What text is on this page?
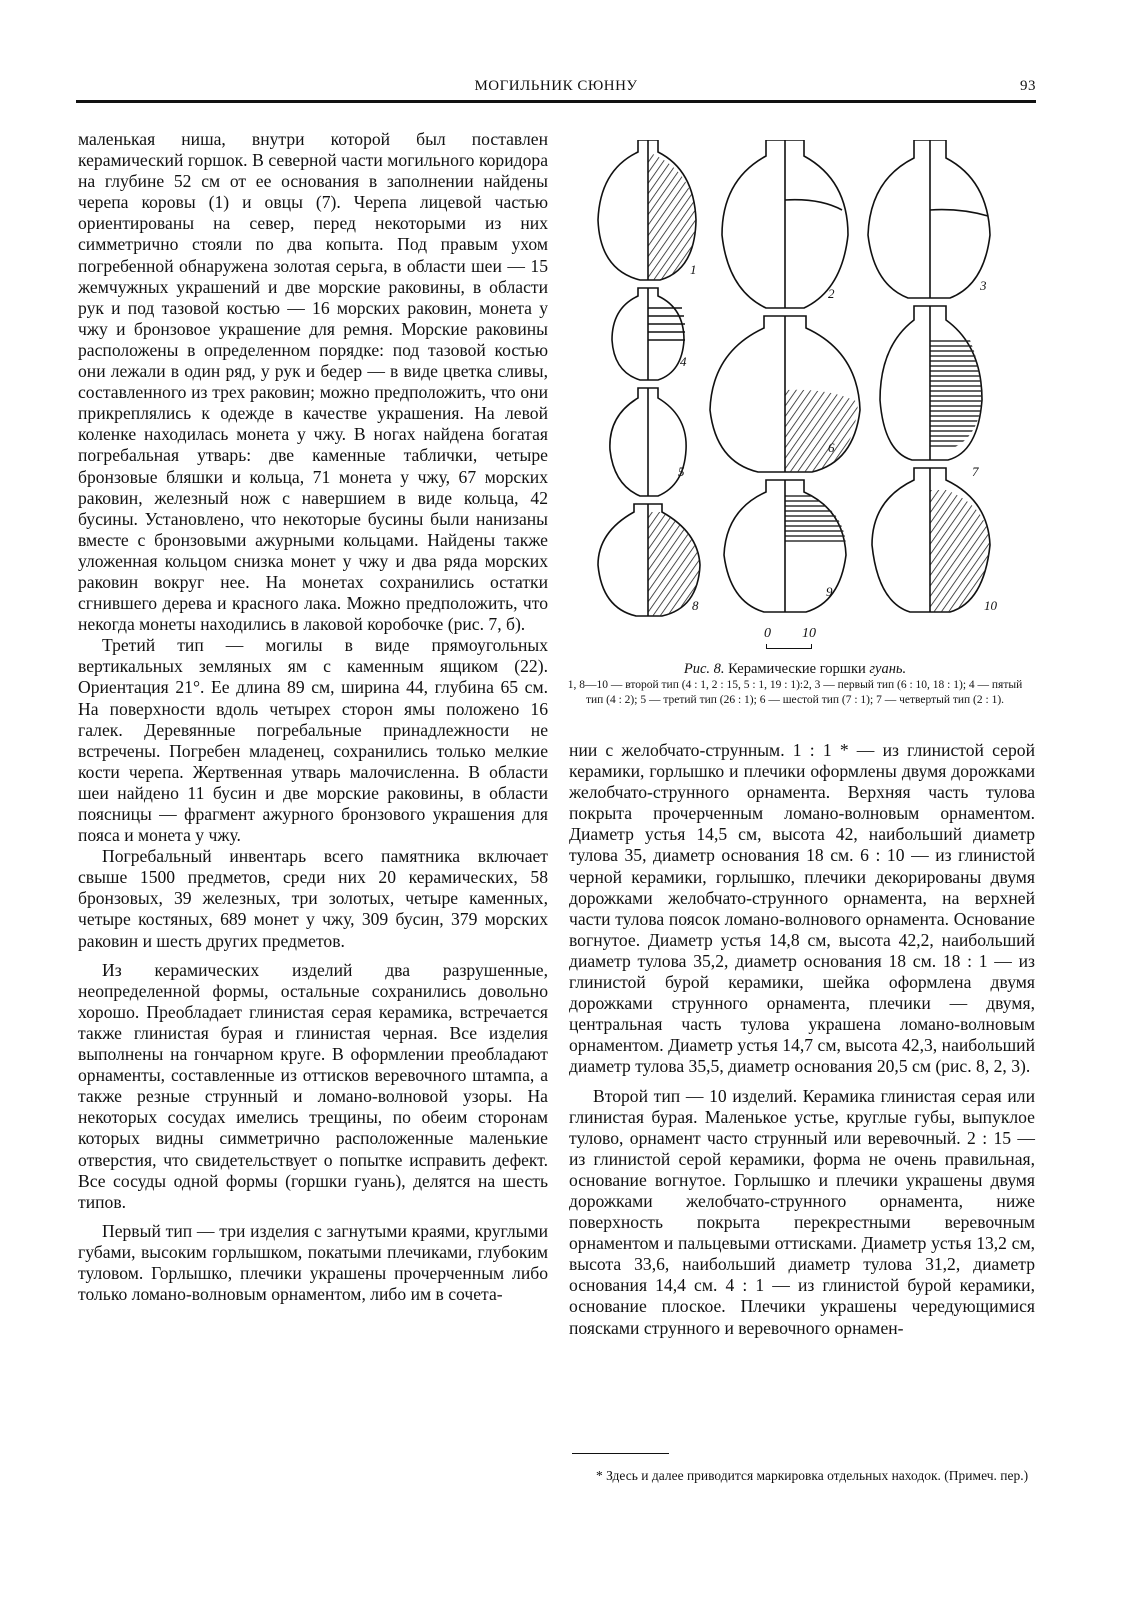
МОГИЛЬНИК СЮННУ	93

маленькая ниша, внутри которой был поставлен керамический горшок. В северной части могильного коридора на глубине 52 см от ее основания в заполнении найдены черепа коровы (1) и овцы (7). Черепа лицевой частью ориентированы на север, перед некоторыми из них симметрично стояли по два копыта. Под правым ухом погребенной обнаружена золотая серьга, в области шеи — 15 жемчужных украшений и две морские раковины, в области рук и под тазовой костью — 16 морских раковин, монета у чжу и бронзовое украшение для ремня. Морские раковины расположены в определенном порядке: под тазовой костью они лежали в один ряд, у рук и бедер — в виде цветка сливы, составленного из трех раковин; можно предположить, что они прикреплялись к одежде в качестве украшения. На левой коленке находилась монета у чжу. В ногах найдена богатая погребальная утварь: две каменные таблички, четыре бронзовые бляшки и кольца, 71 монета у чжу, 67 морских раковин, железный нож с навершием в виде кольца, 42 бусины. Установлено, что некоторые бусины были нанизаны вместе с бронзовыми ажурными кольцами. Найдены также уложенная кольцом снизка монет у чжу и два ряда морских раковин вокруг нее. На монетах сохранились остатки сгнившего дерева и красного лака. Можно предположить, что некогда монеты находились в лаковой коробочке (рис. 7, б).

Третий тип — могилы в виде прямоугольных вертикальных земляных ям с каменным ящиком (22). Ориентация 21°. Ее длина 89 см, ширина 44, глубина 65 см. На поверхности вдоль четырех сторон ямы положено 16 галек. Деревянные погребальные принадлежности не встречены. Погребен младенец, сохранились только мелкие кости черепа. Жертвенная утварь малочисленна. В области шеи найдено 11 бусин и две морские раковины, в области поясницы — фрагмент ажурного бронзового украшения для пояса и монета у чжу.

Погребальный инвентарь всего памятника включает свыше 1500 предметов, среди них 20 керамических, 58 бронзовых, 39 железных, три золотых, четыре каменных, четыре костяных, 689 монет у чжу, 309 бусин, 379 морских раковин и шесть других предметов.

Из керамических изделий два разрушенные, неопределенной формы, остальные сохранились довольно хорошо. Преобладает глинистая серая керамика, встречается также глинистая бурая и глинистая черная. Все изделия выполнены на гончарном круге. В оформлении преобладают орнаменты, составленные из оттисков веревочного штампа, а также резные струнный и ломано-волновой узоры. На некоторых сосудах имелись трещины, по обеим сторонам которых видны симметрично расположенные маленькие отверстия, что свидетельствует о попытке исправить дефект. Все сосуды одной формы (горшки гуань), делятся на шесть типов.

Первый тип — три изделия с загнутыми краями, круглыми губами, высоким горлышком, покатыми плечиками, глубоким туловом. Горлышко, плечики украшены прочерченным либо только ломано-волновым орнаментом, либо им в сочета-

1
2
3
4
5
6
7
8
9
10
0 10
Рис. 8. Керамические горшки гуань.
1, 8—10 — второй тип (4 : 1, 2 : 15, 5 : 1, 19 : 1):2, 3 — первый тип (6 : 10, 18 : 1); 4 — пятый тип (4 : 2); 5 — третий тип (26 : 1); 6 — шестой тип (7 : 1); 7 — четвертый тип (2 : 1).

нии с желобчато-струнным. 1 : 1 * — из глинистой серой керамики, горлышко и плечики оформлены двумя дорожками желобчато-струнного орнамента. Верхняя часть тулова покрыта прочерченным ломано-волновым орнаментом. Диаметр устья 14,5 см, высота 42, наибольший диаметр тулова 35, диаметр основания 18 см. 6 : 10 — из глинистой черной керамики, горлышко, плечики декорированы двумя дорожками желобчато-струнного орнамента, на верхней части тулова поясок ломано-волнового орнамента. Основание вогнутое. Диаметр устья 14,8 см, высота 42,2, наибольший диаметр тулова 35,2, диаметр основания 18 см. 18 : 1 — из глинистой бурой керамики, шейка оформлена двумя дорожками струнного орнамента, плечики — двумя, центральная часть тулова украшена ломано-волновым орнаментом. Диаметр устья 14,7 см, высота 42,3, наибольший диаметр тулова 35,5, диаметр основания 20,5 см (рис. 8, 2, 3).

Второй тип — 10 изделий. Керамика глинистая серая или глинистая бурая. Маленькое устье, круглые губы, выпуклое тулово, орнамент часто струнный или веревочный. 2 : 15 — из глинистой серой керамики, форма не очень правильная, основание вогнутое. Горлышко и плечики украшены двумя дорожками желобчато-струнного орнамента, ниже поверхность покрыта перекрестными веревочным орнаментом и пальцевыми оттисками. Диаметр устья 13,2 см, высота 33,6, наибольший диаметр тулова 31,2, диаметр основания 14,4 см. 4 : 1 — из глинистой бурой керамики, основание плоское. Плечики украшены чередующимися поясками струнного и веревочного орнамен-

* Здесь и далее приводится маркировка отдельных находок. (Примеч. пер.)
